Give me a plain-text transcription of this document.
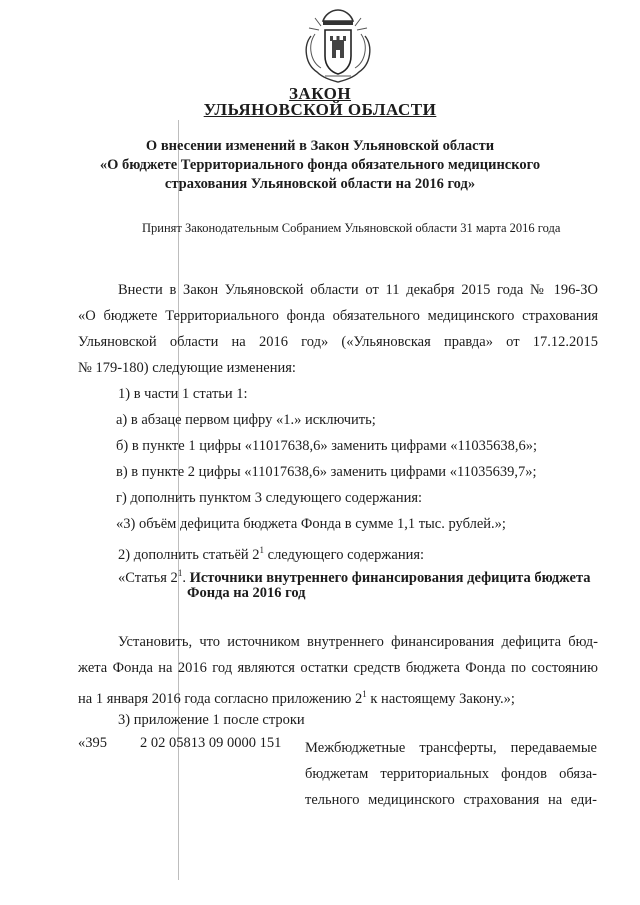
ЗАКОН
УЛЬЯНОВСКОЙ ОБЛАСТИ
О внесении изменений в Закон Ульяновской области
«О бюджете Территориального фонда обязательного медицинского
страхования Ульяновской области на 2016 год»
Принят Законодательным Собранием Ульяновской области 31 марта 2016 года
Внести в Закон Ульяновской области от 11 декабря 2015 года № 196-ЗО
«О бюджете Территориального фонда обязательного медицинского страхования
Ульяновской области на 2016 год» («Ульяновская правда» от 17.12.2015
№ 179-180) следующие изменения:
1) в части 1 статьи 1:
а) в абзаце первом цифру «1.» исключить;
б) в пункте 1 цифры «11017638,6» заменить цифрами «11035638,6»;
в) в пункте 2 цифры «11017638,6» заменить цифрами «11035639,7»;
г) дополнить пунктом 3 следующего содержания:
«3) объём дефицита бюджета Фонда в сумме 1,1 тыс. рублей.»;
2) дополнить статьёй $2^1$ следующего содержания:
«Статья $2^1$. Источники внутреннего финансирования дефицита бюджета
Фонда на 2016 год
Установить, что источником внутреннего финансирования дефицита бюд-
жета Фонда на 2016 год являются остатки средств бюджета Фонда по состоянию
на 1 января 2016 года согласно приложению $2^1$ к настоящему Закону.»;
3) приложение 1 после строки
«395 2 02 05813 09 0000 151 Межбюджетные трансферты, передаваемые
бюджетам территориальных фондов обяза-
тельного медицинского страхования на еди-
